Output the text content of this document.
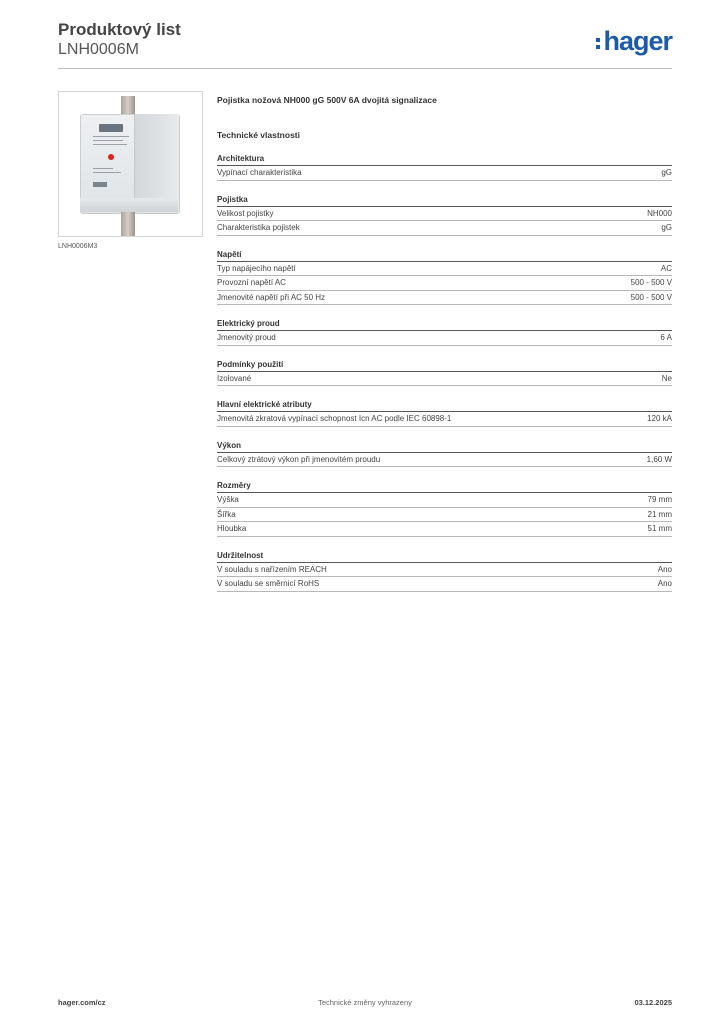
Produktový list
LNH0006M	hager
LNH0006M3
Pojistka nožová NH000 gG 500V 6A dvojitá signalizace
Technické vlastnosti
Architektura
Vypínací charakteristika	gG
Pojistka
Velikost pojistky	NH000
Charakteristika pojistek	gG
Napětí
Typ napájecího napětí	AC
Provozní napětí AC	500 - 500 V
Jmenovité napětí při AC 50 Hz	500 - 500 V
Elektrický proud
Jmenovitý proud	6 A
Podmínky použití
Izolované	Ne
Hlavní elektrické atributy
Jmenovitá zkratová vypínací schopnost Icn AC podle IEC 60898-1	120 kA
Výkon
Celkový ztrátový výkon při jmenovitém proudu	1,60 W
Rozměry
Výška	79 mm
Šířka	21 mm
Hloubka	51 mm
Udržitelnost
V souladu s nařízením REACH	Ano
V souladu se směrnicí RoHS	Ano
hager.com/cz	Technické změny vyhrazeny	03.12.2025
